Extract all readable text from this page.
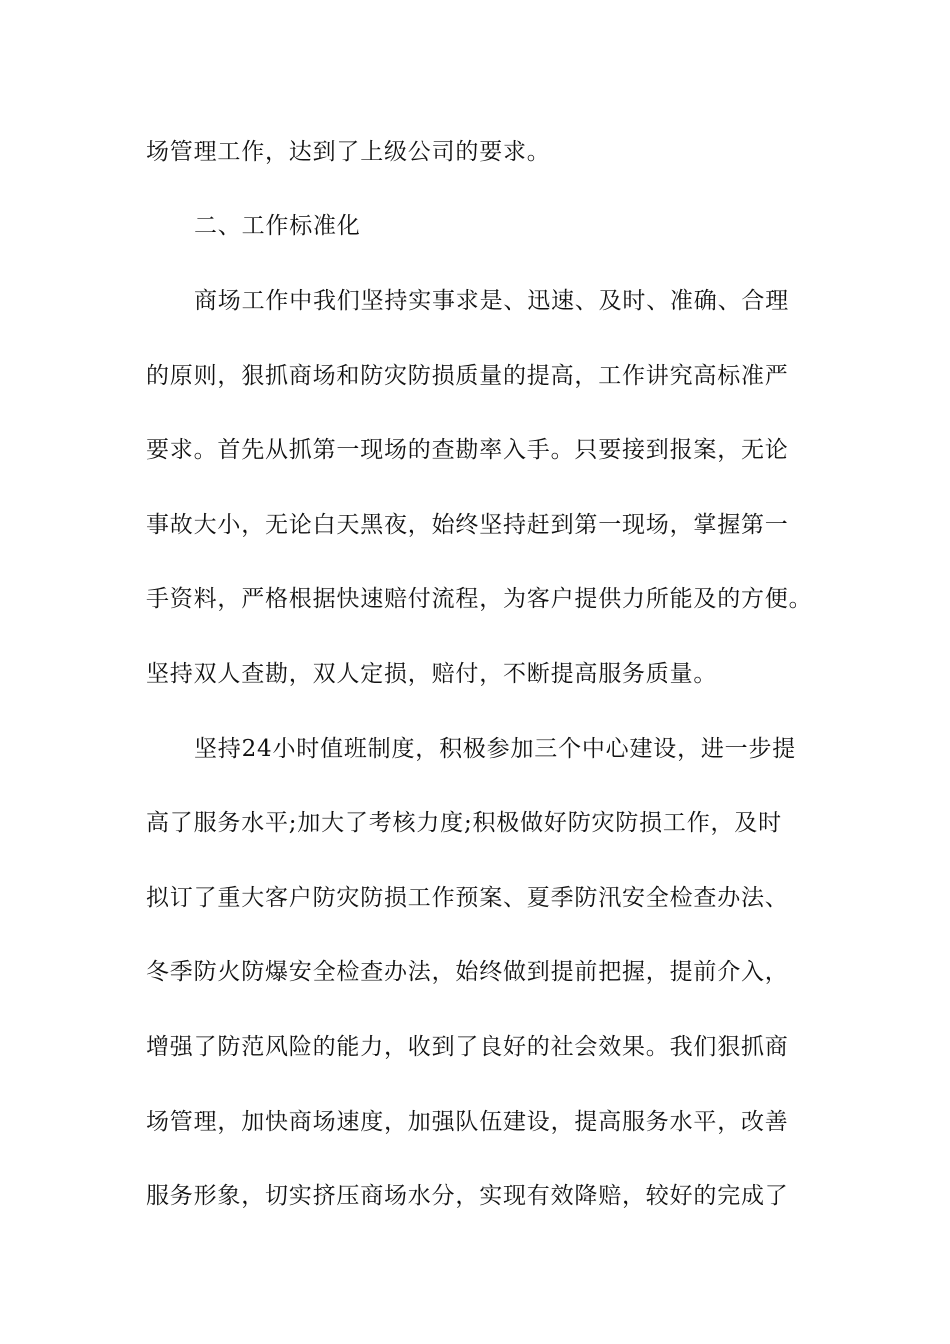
场管理工作，达到了上级公司的要求。
二、工作标准化
商场工作中我们坚持实事求是、迅速、及时、准确、合理
的原则，狠抓商场和防灾防损质量的提高，工作讲究高标准严
要求。首先从抓第一现场的查勘率入手。只要接到报案，无论
事故大小，无论白天黑夜，始终坚持赶到第一现场，掌握第一
手资料，严格根据快速赔付流程，为客户提供力所能及的方便。
坚持双人查勘，双人定损，赔付，不断提高服务质量。
坚持24小时值班制度，积极参加三个中心建设，进一步提
高了服务水平;加大了考核力度;积极做好防灾防损工作，及时
拟订了重大客户防灾防损工作预案、夏季防汛安全检查办法、
冬季防火防爆安全检查办法，始终做到提前把握，提前介入，
增强了防范风险的能力，收到了良好的社会效果。我们狠抓商
场管理，加快商场速度，加强队伍建设，提高服务水平，改善
服务形象，切实挤压商场水分，实现有效降赔，较好的完成了
